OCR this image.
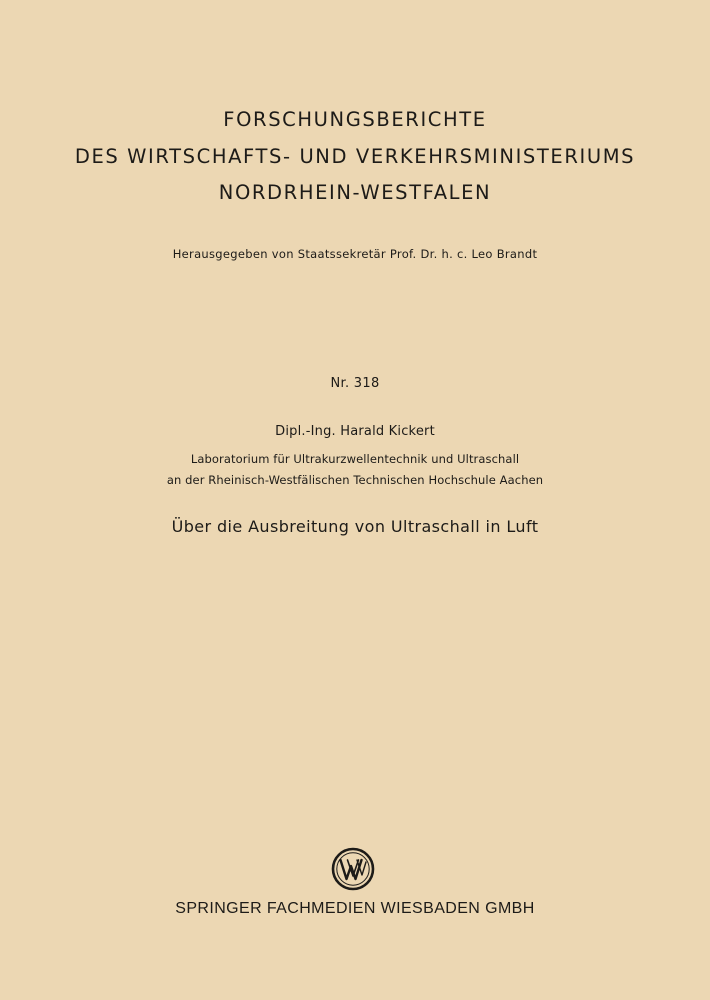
FORSCHUNGSBERICHTE
DES WIRTSCHAFTS- UND VERKEHRSMINISTERIUMS
NORDRHEIN-WESTFALEN
Herausgegeben von Staatssekretär Prof. Dr. h. c. Leo Brandt
Nr. 318
Dipl.-Ing. Harald Kickert
Laboratorium für Ultrakurzwellentechnik und Ultraschall
an der Rheinisch-Westfälischen Technischen Hochschule Aachen
Über die Ausbreitung von Ultraschall in Luft
SPRINGER FACHMEDIEN WIESBADEN GMBH
